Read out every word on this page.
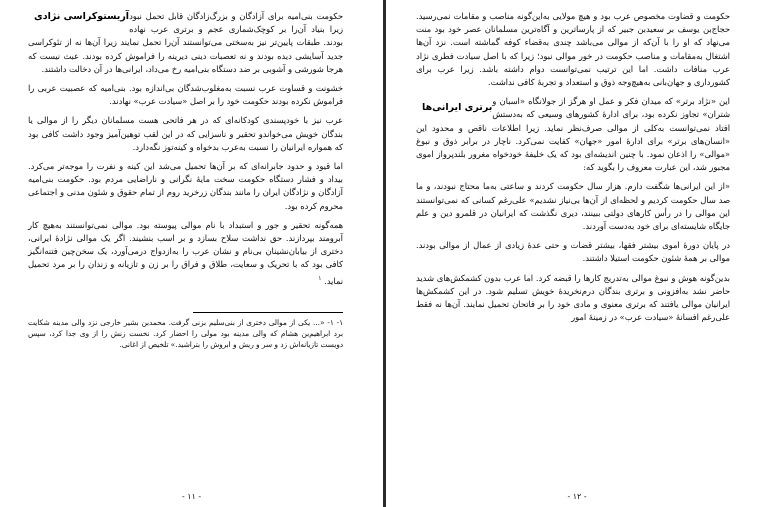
آریستوکراسی نژادی حکومت بنی‌امیه برای آزادگان و بزرگ‌زادگان قابل تحمل نبود زیرا بنیاد آن‌را بر کوچک‌شماری عجم و برتری عرب نهاده بودند. طبقات پایین‌تر نیز به‌سختی می‌توانستند آن‌را تحمل نمایند زیرا آن‌ها نه از تئوکراسی جدید آسایشی دیده بودند و نه تعصبات دینی دیرینه را فراموش کرده بودند. عبث نیست که هرجا شورشی و آشوبی بر ضد دستگاه بنی‌امیه رخ می‌داد، ایرانی‌ها در آن دخالت داشتند.

خشونت و قساوت عرب نسبت به‌مغلوب‌شدگان بی‌اندازه بود. بنی‌امیه که عصبیت عربی را فراموش نکرده بودند حکومت خود را بر اصل «سیادت عرب» نهادند.

عرب نیز با خودپسندی کودکانه‌ای که در هر فاتحی هست مسلمانان دیگر را از موالی یا بندگان خویش می‌خواندو تحقیر و ناسزایی که در این لقب توهین‌آمیز وجود داشت کافی بود که همواره ایرانیان را نسبت به‌عرب بدخواه و کینه‌توز نگه‌دارد.

اما قیود و حدود جابرانه‌ای که بر آن‌ها تحمیل می‌شد این کینه و نفرت را موجه‌تر می‌کرد. بیداد و فشار دستگاه حکومت سخت مایهٔ نگرانی و ناراضایی مردم بود. حکومت بنی‌امیه آزادگان و نژادگان ایران را مانند بندگان زرخرید روم از تمام حقوق و شئون مدنی و اجتماعی محروم کرده بود.

همه‌گونه تحقیر و جور و استبداد با نام موالی پیوسته بود. موالی نمی‌توانستند به‌هیچ کار آبرومند بپردازند. حق نداشت سلاح بسازد و بر اسب بنشیند. اگر یک موالی نژادهٔ ایرانی، دختری از بیابان‌نشینان بی‌نام و نشان عرب را به‌ازدواج درمی‌آورد، یک سخن‌چین فتنه‌انگیز کافی بود که با تحریک و سعایت، طلاق و فراق را بر زن و تازیانه و زندان را بر مرد تحمیل نماید. $^۱$

۱- ۱- «... یکی از موالی دختری از بنی‌سلیم بزنی گرفت. محمدبن بشیر خارجی نزد والی مدینه شکایت برد ابراهیم‌بن هشام که والی مدینه بود مولی را احضار کرد. نخست زنش را از وی جدا کرد، سپس دویست تازیانه‌اش زد و سر و ریش و ابروش را بتراشید.» تلخیص از اغانی.

- ۱۱ -

حکومت و قضاوت مخصوص عرب بود و هیچ مولایی به‌این‌گونه مناصب و مقامات نمی‌رسید. حجاج‌بن یوسف بر سعیدبن جبیر که از پارساترین و آگاه‌ترین مسلمانان عصر خود بود منت می‌نهاد که او را با آن‌که از موالی می‌باشد چندی به‌قضاء کوفه گماشته است. نزد آن‌ها اشتغال به‌مقامات و مناصب حکومت در خور موالی نبود؛ زیرا که با اصل سیادت فطری نژاد عرب منافات داشت. اما این ترتیب نمی‌توانست دوام داشته باشد. زیرا عرب برای کشورداری و جهان‌بانی به‌هیچ‌وجه ذوق و استعداد و تجربهٔ کافی نداشت.

برتری ایرانی‌ها

این «نژاد برتر» که میدان فکر و عمل او هرگز از جولانگاه «اسبان و شتران» تجاوز نکرده بود، برای ادارهٔ کشورهای وسیعی که به‌دستش افتاد نمی‌توانست به‌کلی از موالی صرف‌نظر نماید. زیرا اطلاعات ناقص و محدود این «انسان‌های برتر» برای ادارهٔ امور «جهان» کفایت نمی‌کرد. ناچار در برابر ذوق و نبوغ «موالی» را اذعان نمود. با چنین اندیشه‌ای بود که یک خلیفهٔ خودخواه مغرور بلندپرواز اموی مجبور شد، این عبارت معروف را بگوید که:

«از این ایرانی‌ها شگفت دارم. هزار سال حکومت کردند و ساعتی به‌ما محتاج نبودند، و ما صد سال حکومت کردیم و لحظه‌ای از آن‌ها بی‌نیاز نشدیم» علی‌رغم کسانی که نمی‌توانستند این موالی را در رأس کارهای دولتی ببینند، دیری نگذشت که ایرانیان در قلمرو دین و علم جایگاه شایسته‌ای برای خود به‌دست آوردند.

در پایان دورهٔ اموی بیشتر فقها، بیشتر قضات و حتی عدهٔ زیادی از عمال از موالی بودند. موالی بر همهٔ شئون حکومت استیلا داشتند.

بدین‌گونه هوش و نبوغ موالی به‌تدریج کارها را قبضه کرد. اما عرب بدون کشمکش‌های شدید حاضر نشد به‌افزونی و برتری بندگان درم‌نخریدهٔ خویش تسلیم شود. در این کشمکش‌ها ایرانیان موالی یافتند که برتری معنوی و مادی خود را بر فاتحان تحمیل نمایند. آن‌ها نه فقط علی‌رغم افسانهٔ «سیادت عرب» در زمینهٔ امور

- ۱۲ -
